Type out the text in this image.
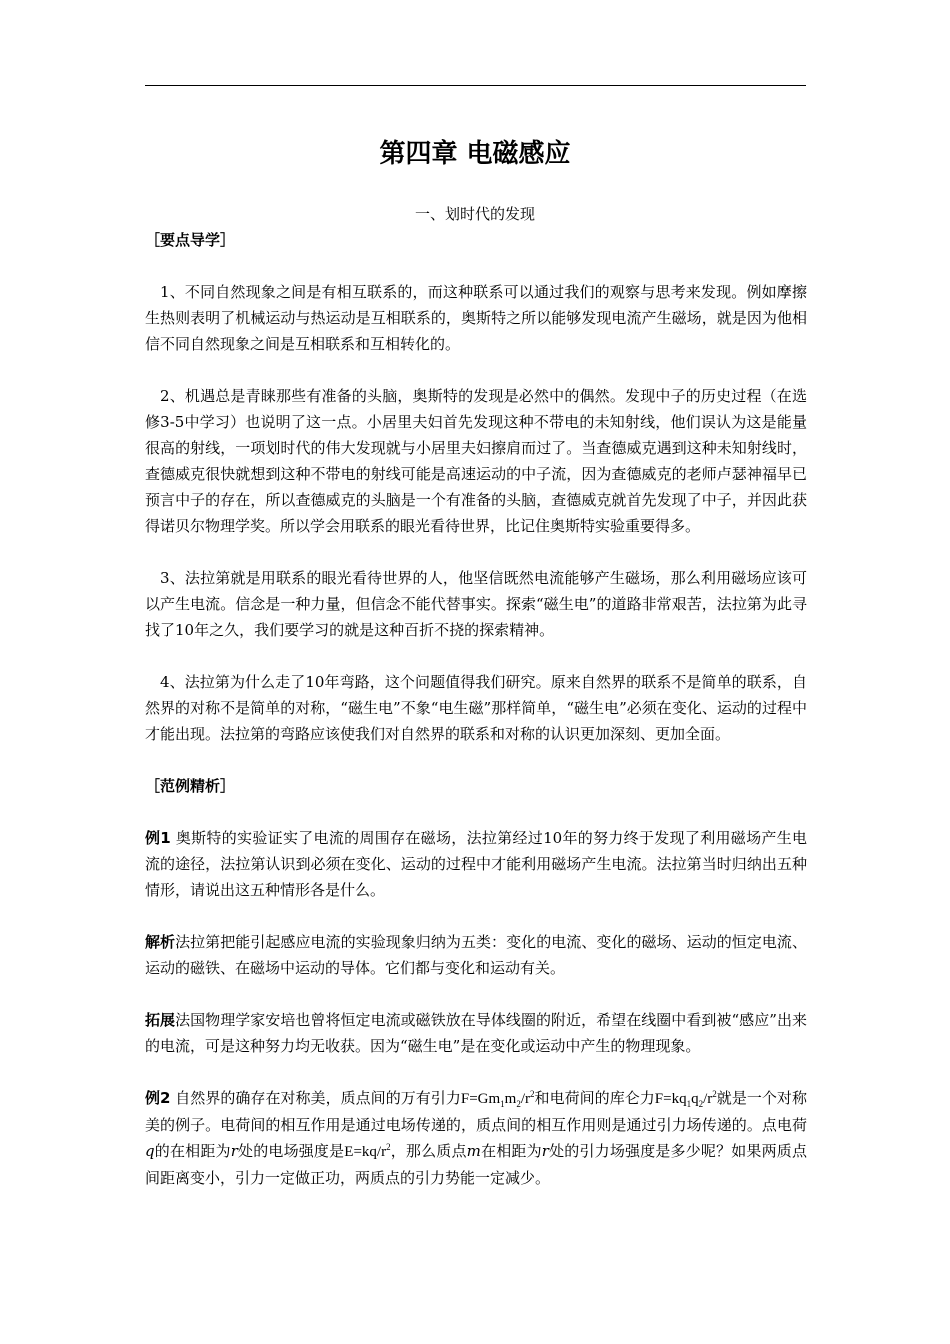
第四章 电磁感应
一、划时代的发现
［要点导学］

1、不同自然现象之间是有相互联系的，而这种联系可以通过我们的观察与思考来发现。例如摩擦生热则表明了机械运动与热运动是互相联系的，奥斯特之所以能够发现电流产生磁场，就是因为他相信不同自然现象之间是互相联系和互相转化的。

2、机遇总是青睐那些有准备的头脑，奥斯特的发现是必然中的偶然。发现中子的历史过程（在选修3-5中学习）也说明了这一点。小居里夫妇首先发现这种不带电的未知射线，他们误认为这是能量很高的射线，一项划时代的伟大发现就与小居里夫妇擦肩而过了。当查德威克遇到这种未知射线时，查德威克很快就想到这种不带电的射线可能是高速运动的中子流，因为查德威克的老师卢瑟神福早已预言中子的存在，所以查德威克的头脑是一个有准备的头脑，查德威克就首先发现了中子，并因此获得诺贝尔物理学奖。所以学会用联系的眼光看待世界，比记住奥斯特实验重要得多。

3、法拉第就是用联系的眼光看待世界的人，他坚信既然电流能够产生磁场，那么利用磁场应该可以产生电流。信念是一种力量，但信念不能代替事实。探索“磁生电”的道路非常艰苦，法拉第为此寻找了10年之久，我们要学习的就是这种百折不挠的探索精神。

4、法拉第为什么走了10年弯路，这个问题值得我们研究。原来自然界的联系不是简单的联系，自然界的对称不是简单的对称，“磁生电”不象“电生磁”那样简单，“磁生电”必须在变化、运动的过程中才能出现。法拉第的弯路应该使我们对自然界的联系和对称的认识更加深刻、更加全面。

［范例精析］

例1 奥斯特的实验证实了电流的周围存在磁场，法拉第经过10年的努力终于发现了利用磁场产生电流的途径，法拉第认识到必须在变化、运动的过程中才能利用磁场产生电流。法拉第当时归纳出五种情形，请说出这五种情形各是什么。

解析法拉第把能引起感应电流的实验现象归纳为五类：变化的电流、变化的磁场、运动的恒定电流、运动的磁铁、在磁场中运动的导体。它们都与变化和运动有关。

拓展法国物理学家安培也曾将恒定电流或磁铁放在导体线圈的附近，希望在线圈中看到被“感应”出来的电流，可是这种努力均无收获。因为“磁生电”是在变化或运动中产生的物理现象。

例2 自然界的确存在对称美，质点间的万有引力$F=Gm_1m_2/r^2$和电荷间的库仑力$F=kq_1q_2/r^2$就是一个对称美的例子。电荷间的相互作用是通过电场传递的，质点间的相互作用则是通过引力场传递的。点电荷q的在相距为r处的电场强度是$E=kq/r^2$，那么质点m在相距为r处的引力场强度是多少呢？如果两质点间距离变小，引力一定做正功，两质点的引力势能一定减少。
